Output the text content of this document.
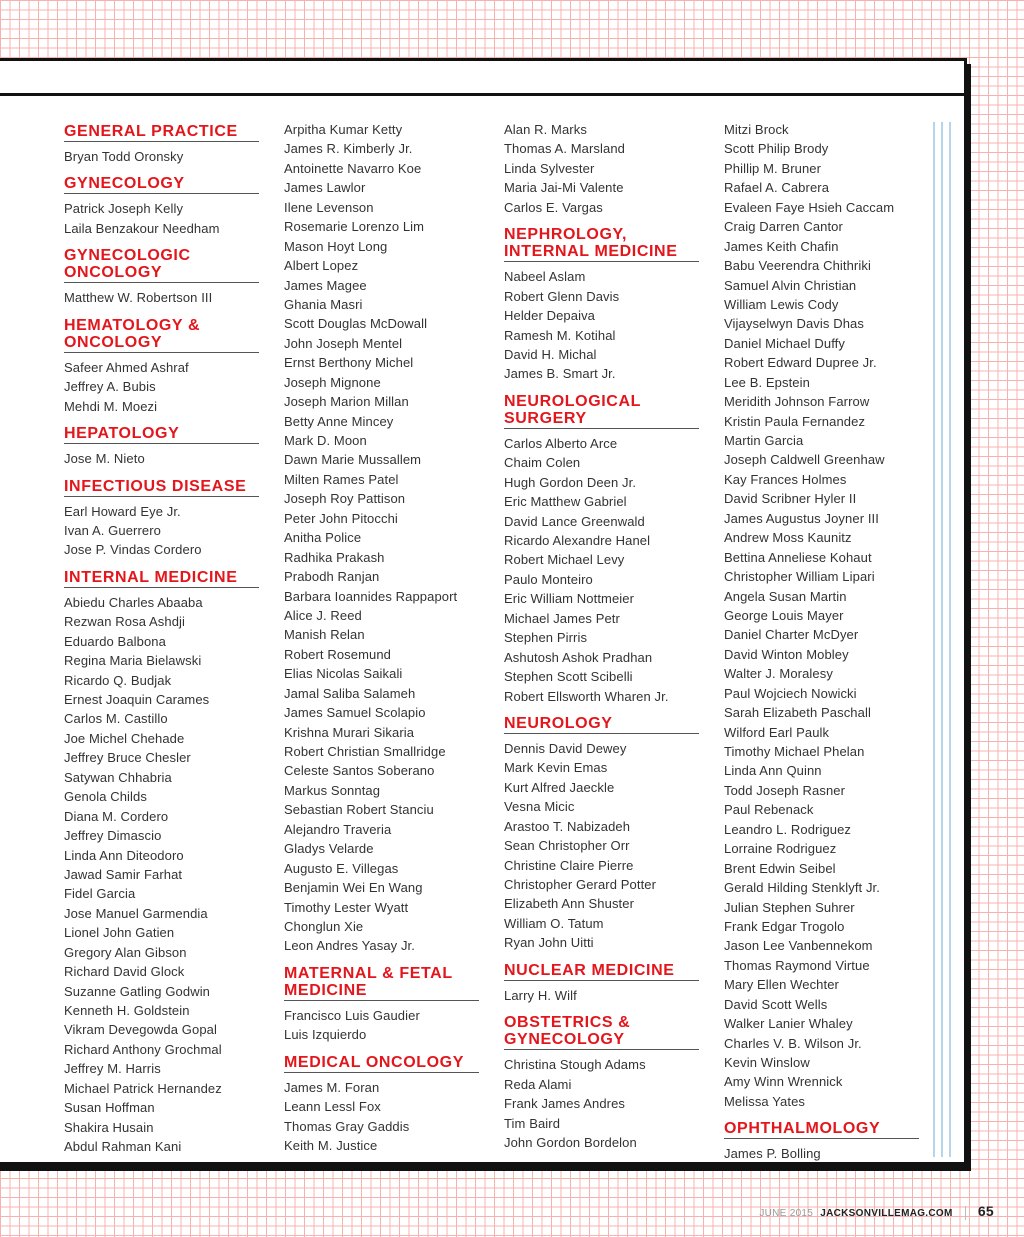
GENERAL PRACTICE
Bryan Todd Oronsky
GYNECOLOGY
Patrick Joseph Kelly
Laila Benzakour Needham
GYNECOLOGIC ONCOLOGY
Matthew W. Robertson III
HEMATOLOGY & ONCOLOGY
Safeer Ahmed Ashraf
Jeffrey A. Bubis
Mehdi M. Moezi
HEPATOLOGY
Jose M. Nieto
INFECTIOUS DISEASE
Earl Howard Eye Jr.
Ivan A. Guerrero
Jose P. Vindas Cordero
INTERNAL MEDICINE
Abiedu Charles Abaaba
Rezwan Rosa Ashdji
Eduardo Balbona
Regina Maria Bielawski
Ricardo Q. Budjak
Ernest Joaquin Carames
Carlos M. Castillo
Joe Michel Chehade
Jeffrey Bruce Chesler
Satywan Chhabria
Genola Childs
Diana M. Cordero
Jeffrey Dimascio
Linda Ann Diteodoro
Jawad Samir Farhat
Fidel Garcia
Jose Manuel Garmendia
Lionel John Gatien
Gregory Alan Gibson
Richard David Glock
Suzanne Gatling Godwin
Kenneth H. Goldstein
Vikram Devegowda Gopal
Richard Anthony Grochmal
Jeffrey M. Harris
Michael Patrick Hernandez
Susan Hoffman
Shakira Husain
Abdul Rahman Kani
Arpitha Kumar Ketty
James R. Kimberly Jr.
Antoinette Navarro Koe
James Lawlor
Ilene Levenson
Rosemarie Lorenzo Lim
Mason Hoyt Long
Albert Lopez
James Magee
Ghania Masri
Scott Douglas McDowall
John Joseph Mentel
Ernst Berthony Michel
Joseph Mignone
Joseph Marion Millan
Betty Anne Mincey
Mark D. Moon
Dawn Marie Mussallem
Milten Rames Patel
Joseph Roy Pattison
Peter John Pitocchi
Anitha Police
Radhika Prakash
Prabodh Ranjan
Barbara Ioannides Rappaport
Alice J. Reed
Manish Relan
Robert Rosemund
Elias Nicolas Saikali
Jamal Saliba Salameh
James Samuel Scolapio
Krishna Murari Sikaria
Robert Christian Smallridge
Celeste Santos Soberano
Markus Sonntag
Sebastian Robert Stanciu
Alejandro Traveria
Gladys Velarde
Augusto E. Villegas
Benjamin Wei En Wang
Timothy Lester Wyatt
Chonglun Xie
Leon Andres Yasay Jr.
MATERNAL & FETAL MEDICINE
Francisco Luis Gaudier
Luis Izquierdo
MEDICAL ONCOLOGY
James M. Foran
Leann Lessl Fox
Thomas Gray Gaddis
Keith M. Justice
Alan R. Marks
Thomas A. Marsland
Linda Sylvester
Maria Jai-Mi Valente
Carlos E. Vargas
NEPHROLOGY, INTERNAL MEDICINE
Nabeel Aslam
Robert Glenn Davis
Helder Depaiva
Ramesh M. Kotihal
David H. Michal
James B. Smart Jr.
NEUROLOGICAL SURGERY
Carlos Alberto Arce
Chaim Colen
Hugh Gordon Deen Jr.
Eric Matthew Gabriel
David Lance Greenwald
Ricardo Alexandre Hanel
Robert Michael Levy
Paulo Monteiro
Eric William Nottmeier
Michael James Petr
Stephen Pirris
Ashutosh Ashok Pradhan
Stephen Scott Scibelli
Robert Ellsworth Wharen Jr.
NEUROLOGY
Dennis David Dewey
Mark Kevin Emas
Kurt Alfred Jaeckle
Vesna Micic
Arastoo T. Nabizadeh
Sean Christopher Orr
Christine Claire Pierre
Christopher Gerard Potter
Elizabeth Ann Shuster
William O. Tatum
Ryan John Uitti
NUCLEAR MEDICINE
Larry H. Wilf
OBSTETRICS & GYNECOLOGY
Christina Stough Adams
Reda Alami
Frank James Andres
Tim Baird
John Gordon Bordelon
Mitzi Brock
Scott Philip Brody
Phillip M. Bruner
Rafael A. Cabrera
Evaleen Faye Hsieh Caccam
Craig Darren Cantor
James Keith Chafin
Babu Veerendra Chithriki
Samuel Alvin Christian
William Lewis Cody
Vijayselwyn Davis Dhas
Daniel Michael Duffy
Robert Edward Dupree Jr.
Lee B. Epstein
Meridith Johnson Farrow
Kristin Paula Fernandez
Martin Garcia
Joseph Caldwell Greenhaw
Kay Frances Holmes
David Scribner Hyler II
James Augustus Joyner III
Andrew Moss Kaunitz
Bettina Anneliese Kohaut
Christopher William Lipari
Angela Susan Martin
George Louis Mayer
Daniel Charter McDyer
David Winton Mobley
Walter J. Moralesy
Paul Wojciech Nowicki
Sarah Elizabeth Paschall
Wilford Earl Paulk
Timothy Michael Phelan
Linda Ann Quinn
Todd Joseph Rasner
Paul Rebenack
Leandro L. Rodriguez
Lorraine Rodriguez
Brent Edwin Seibel
Gerald Hilding Stenklyft Jr.
Julian Stephen Suhrer
Frank Edgar Trogolo
Jason Lee Vanbennekom
Thomas Raymond Virtue
Mary Ellen Wechter
David Scott Wells
Walker Lanier Whaley
Charles V. B. Wilson Jr.
Kevin Winslow
Amy Winn Wrennick
Melissa Yates
OPHTHALMOLOGY
James P. Bolling
JUNE 2015 JACKSONVILLEMAG.COM 65
